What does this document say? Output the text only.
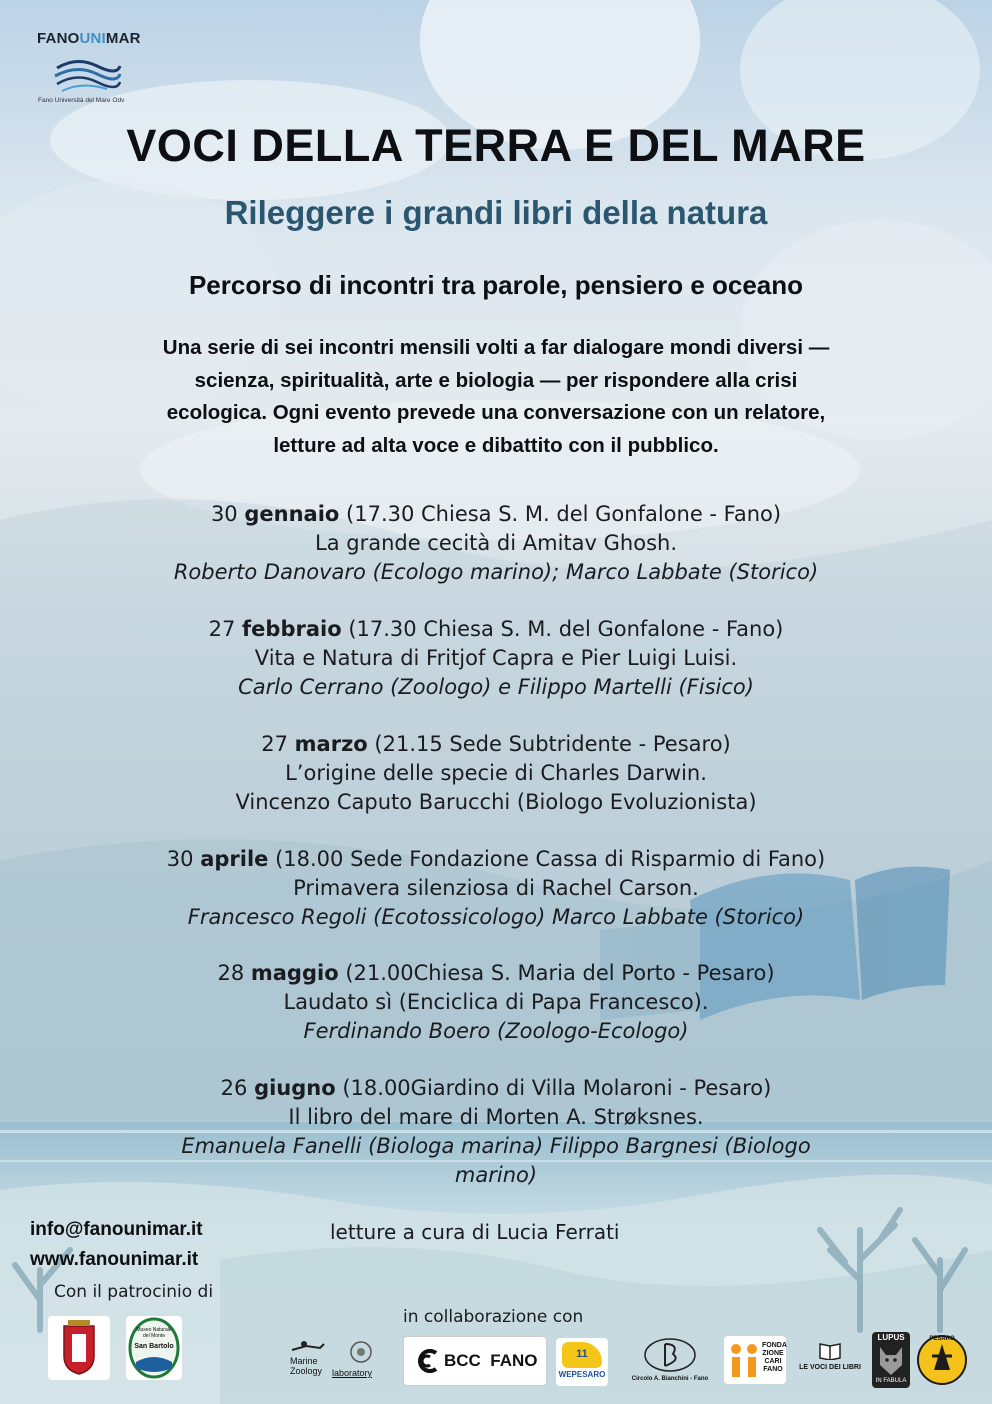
FANOUNIMAR
Fano Università del Mare Odv
VOCI DELLA TERRA E DEL MARE
Rileggere i grandi libri della natura
Percorso di incontri tra parole, pensiero e oceano
Una serie di sei incontri mensili volti a far dialogare mondi diversi —
scienza, spiritualità, arte e biologia — per rispondere alla crisi
ecologica. Ogni evento prevede una conversazione con un relatore,
letture ad alta voce e dibattito con il pubblico.
30 gennaio (17.30 Chiesa S. M. del Gonfalone - Fano)
La grande cecità di Amitav Ghosh.
Roberto Danovaro (Ecologo marino); Marco Labbate (Storico)
27 febbraio (17.30 Chiesa S. M. del Gonfalone - Fano)
Vita e Natura di Fritjof Capra e Pier Luigi Luisi.
Carlo Cerrano (Zoologo) e Filippo Martelli (Fisico)
27 marzo (21.15 Sede Subtridente - Pesaro)
L’origine delle specie di Charles Darwin.
Vincenzo Caputo Barucchi (Biologo Evoluzionista)
30 aprile (18.00 Sede Fondazione Cassa di Risparmio di Fano)
Primavera silenziosa di Rachel Carson.
Francesco Regoli (Ecotossicologo) Marco Labbate (Storico)
28 maggio (21.00Chiesa S. Maria del Porto - Pesaro)
Laudato sì (Enciclica di Papa Francesco).
Ferdinando Boero (Zoologo-Ecologo)
26 giugno (18.00Giardino di Villa Molaroni - Pesaro)
Il libro del mare di Morten A. Strøksnes.
Emanuela Fanelli (Biologa marina) Filippo Bargnesi (Biologo
marino)
info@fanounimar.it
www.fanounimar.it
Con il patrocinio di
letture a cura di Lucia Ferrati
in collaborazione con
Museo Naturale
del Monte
San Bartolo
Marine
Zoology laboratory
BCC FANO	11
WEPESARO	Circolo A. Bianchini - Fano
FONDA ZIONE CARI FANO	LE VOCI DEI LIBRI
LUPUS
IN FABULA
PESARO
